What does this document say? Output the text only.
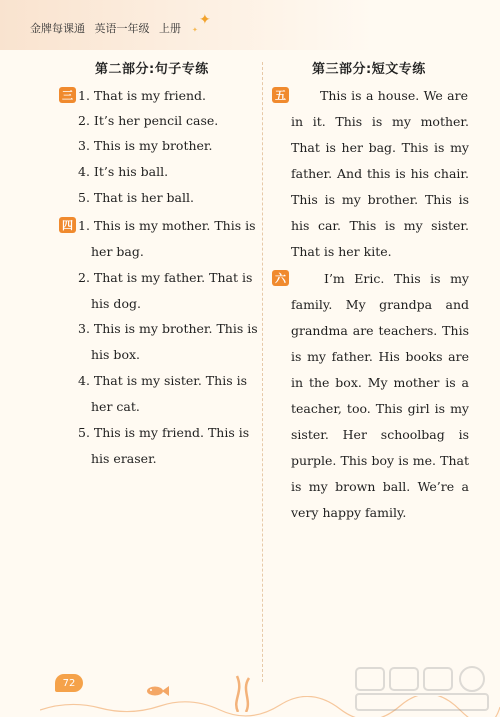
金牌每课通 英语一年级 上册
✦
✦
第二部分:句子专练
三 1. That is my friend.
2. It’s her pencil case.
3. This is my brother.
4. It’s his ball.
5. That is her ball.
四 1. This is my mother. This is
her bag.
2. That is my father. That is
his dog.
3. This is my brother. This is
his box.
4. That is my sister. This is
her cat.
5. This is my friend. This is
his eraser.
第三部分:短文专练
五	This is a house. We are
in it. This is my mother.
That is her bag. This is my
father. And this is his chair.
This is my brother. This is
his car. This is my sister.
That is her kite.
六	I’m Eric. This is my
family. My grandpa and
grandma are teachers. This
is my father. His books are
in the box. My mother is a
teacher, too. This girl is my
sister. Her schoolbag is
purple. This boy is me. That
is my brown ball. We’re a
very happy family.
72
